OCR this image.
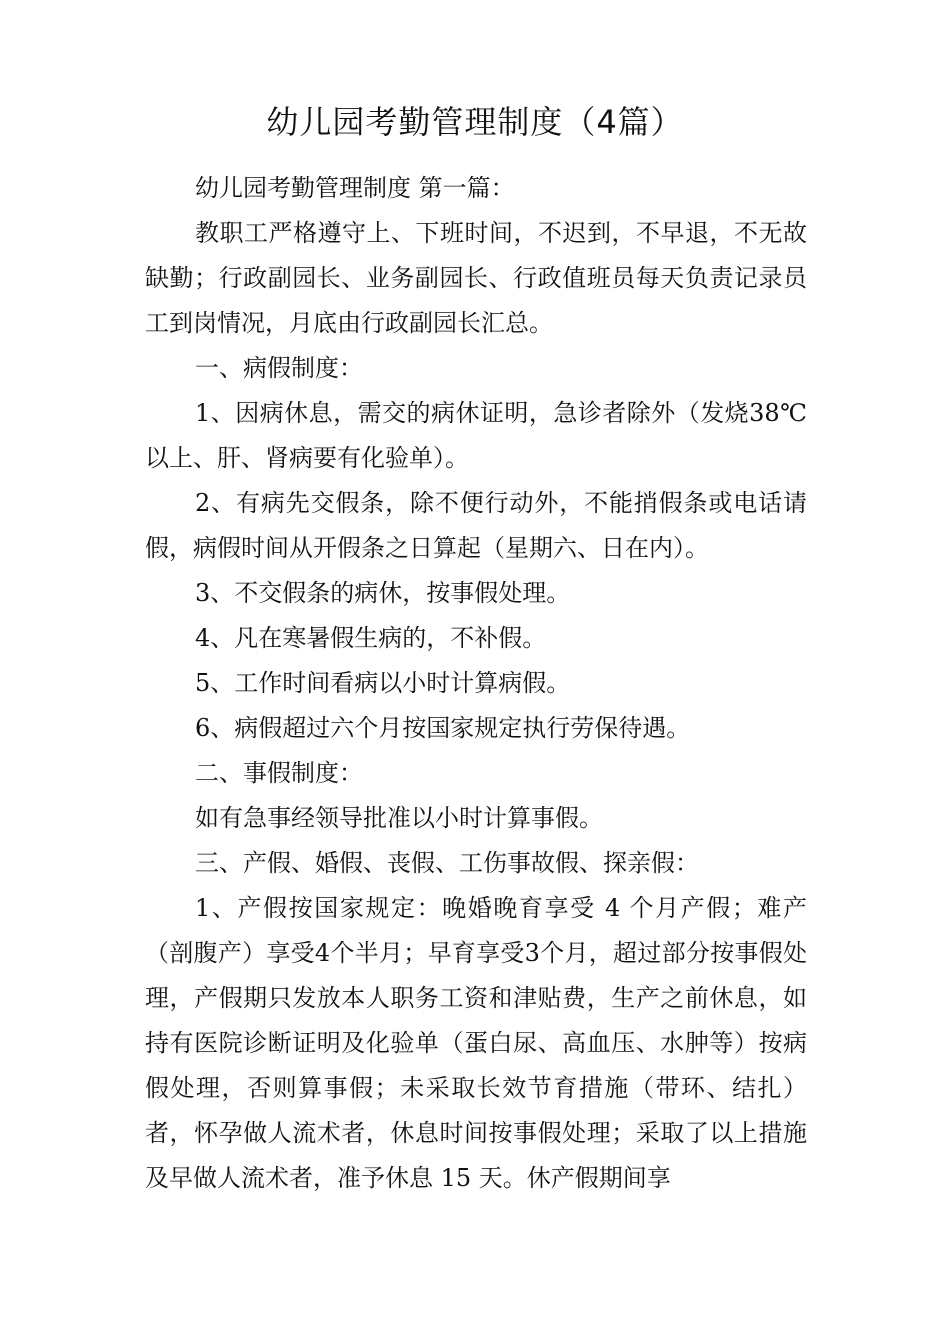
幼儿园考勤管理制度（4篇）

幼儿园考勤管理制度 第一篇：

教职工严格遵守上、下班时间，不迟到，不早退，不无故缺勤；行政副园长、业务副园长、行政值班员每天负责记录员工到岗情况，月底由行政副园长汇总。

一、病假制度：

1、因病休息，需交的病休证明，急诊者除外（发烧38℃以上、肝、肾病要有化验单）。

2、有病先交假条，除不便行动外，不能捎假条或电话请假，病假时间从开假条之日算起（星期六、日在内）。

3、不交假条的病休，按事假处理。

4、凡在寒暑假生病的，不补假。

5、工作时间看病以小时计算病假。

6、病假超过六个月按国家规定执行劳保待遇。

二、事假制度：

如有急事经领导批准以小时计算事假。

三、产假、婚假、丧假、工伤事故假、探亲假：

1、产假按国家规定：晚婚晚育享受 4 个月产假；难产（剖腹产）享受4个半月；早育享受3个月，超过部分按事假处理，产假期只发放本人职务工资和津贴费，生产之前休息，如持有医院诊断证明及化验单（蛋白尿、高血压、水肿等）按病假处理，否则算事假；未采取长效节育措施（带环、结扎）者，怀孕做人流术者，休息时间按事假处理；采取了以上措施及早做人流术者，准予休息 15 天。休产假期间享
